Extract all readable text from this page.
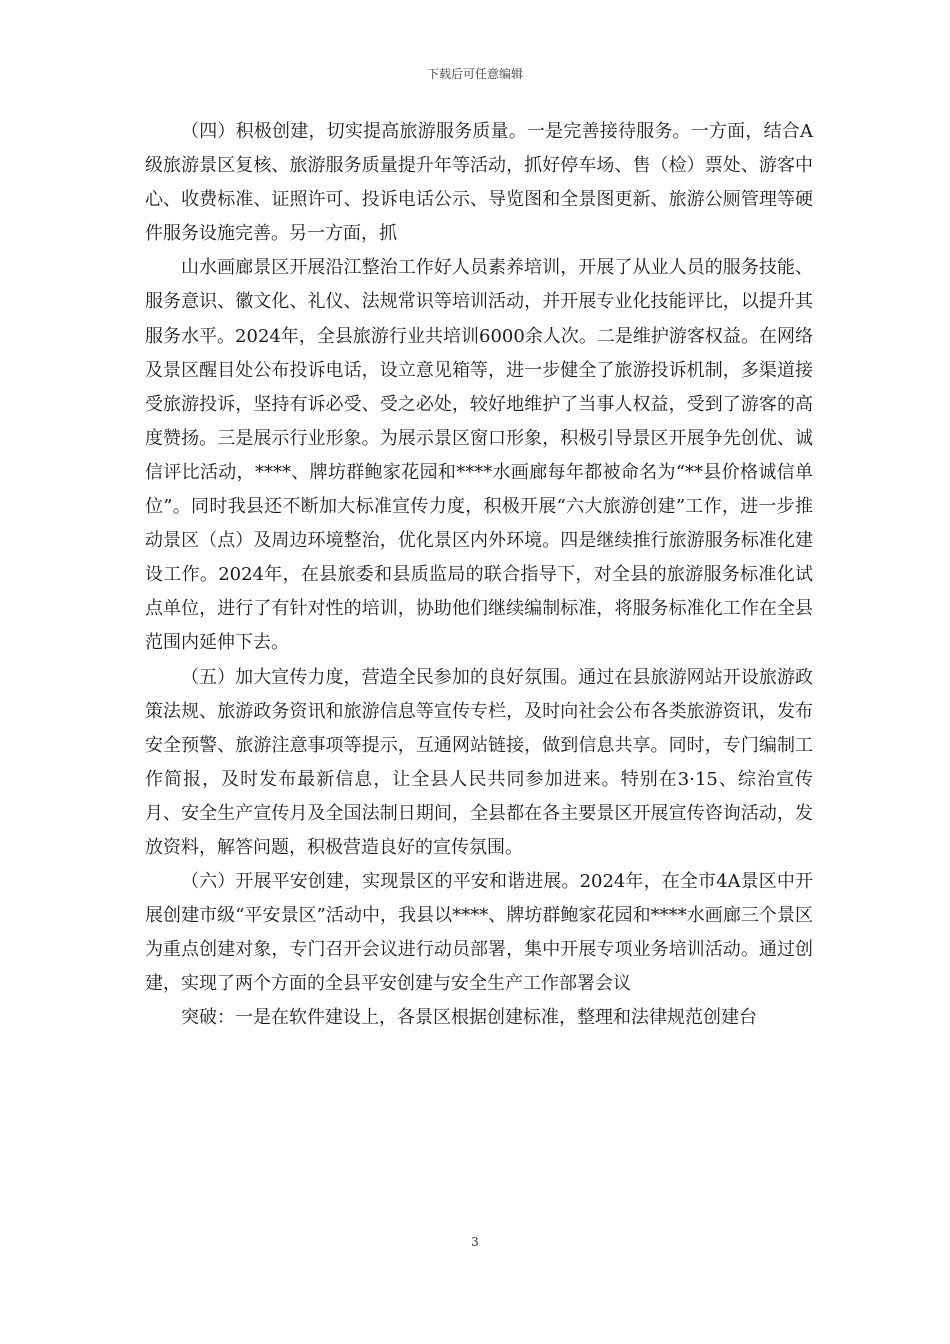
下载后可任意编辑

（四）积极创建，切实提高旅游服务质量。一是完善接待服务。一方面，结合A级旅游景区复核、旅游服务质量提升年等活动，抓好停车场、售（检）票处、游客中心、收费标准、证照许可、投诉电话公示、导览图和全景图更新、旅游公厕管理等硬件服务设施完善。另一方面，抓

山水画廊景区开展沿江整治工作好人员素养培训，开展了从业人员的服务技能、服务意识、徽文化、礼仪、法规常识等培训活动，并开展专业化技能评比，以提升其服务水平。2024年，全县旅游行业共培训6000余人次。二是维护游客权益。在网络及景区醒目处公布投诉电话，设立意见箱等，进一步健全了旅游投诉机制，多渠道接受旅游投诉，坚持有诉必受、受之必处，较好地维护了当事人权益，受到了游客的高度赞扬。三是展示行业形象。为展示景区窗口形象，积极引导景区开展争先创优、诚信评比活动，****、牌坊群鲍家花园和****水画廊每年都被命名为“**县价格诚信单位”。同时我县还不断加大标准宣传力度，积极开展“六大旅游创建”工作，进一步推动景区（点）及周边环境整治，优化景区内外环境。四是继续推行旅游服务标准化建设工作。2024年，在县旅委和县质监局的联合指导下，对全县的旅游服务标准化试点单位，进行了有针对性的培训，协助他们继续编制标准，将服务标准化工作在全县范围内延伸下去。

（五）加大宣传力度，营造全民参加的良好氛围。通过在县旅游网站开设旅游政策法规、旅游政务资讯和旅游信息等宣传专栏，及时向社会公布各类旅游资讯，发布安全预警、旅游注意事项等提示，互通网站链接，做到信息共享。同时，专门编制工作简报，及时发布最新信息，让全县人民共同参加进来。特别在3·15、综治宣传月、安全生产宣传月及全国法制日期间，全县都在各主要景区开展宣传咨询活动，发放资料，解答问题，积极营造良好的宣传氛围。

（六）开展平安创建，实现景区的平安和谐进展。2024年，在全市4A景区中开展创建市级“平安景区”活动中，我县以****、牌坊群鲍家花园和****水画廊三个景区为重点创建对象，专门召开会议进行动员部署，集中开展专项业务培训活动。通过创建，实现了两个方面的全县平安创建与安全生产工作部署会议

突破：一是在软件建设上，各景区根据创建标准，整理和法律规范创建台

3
